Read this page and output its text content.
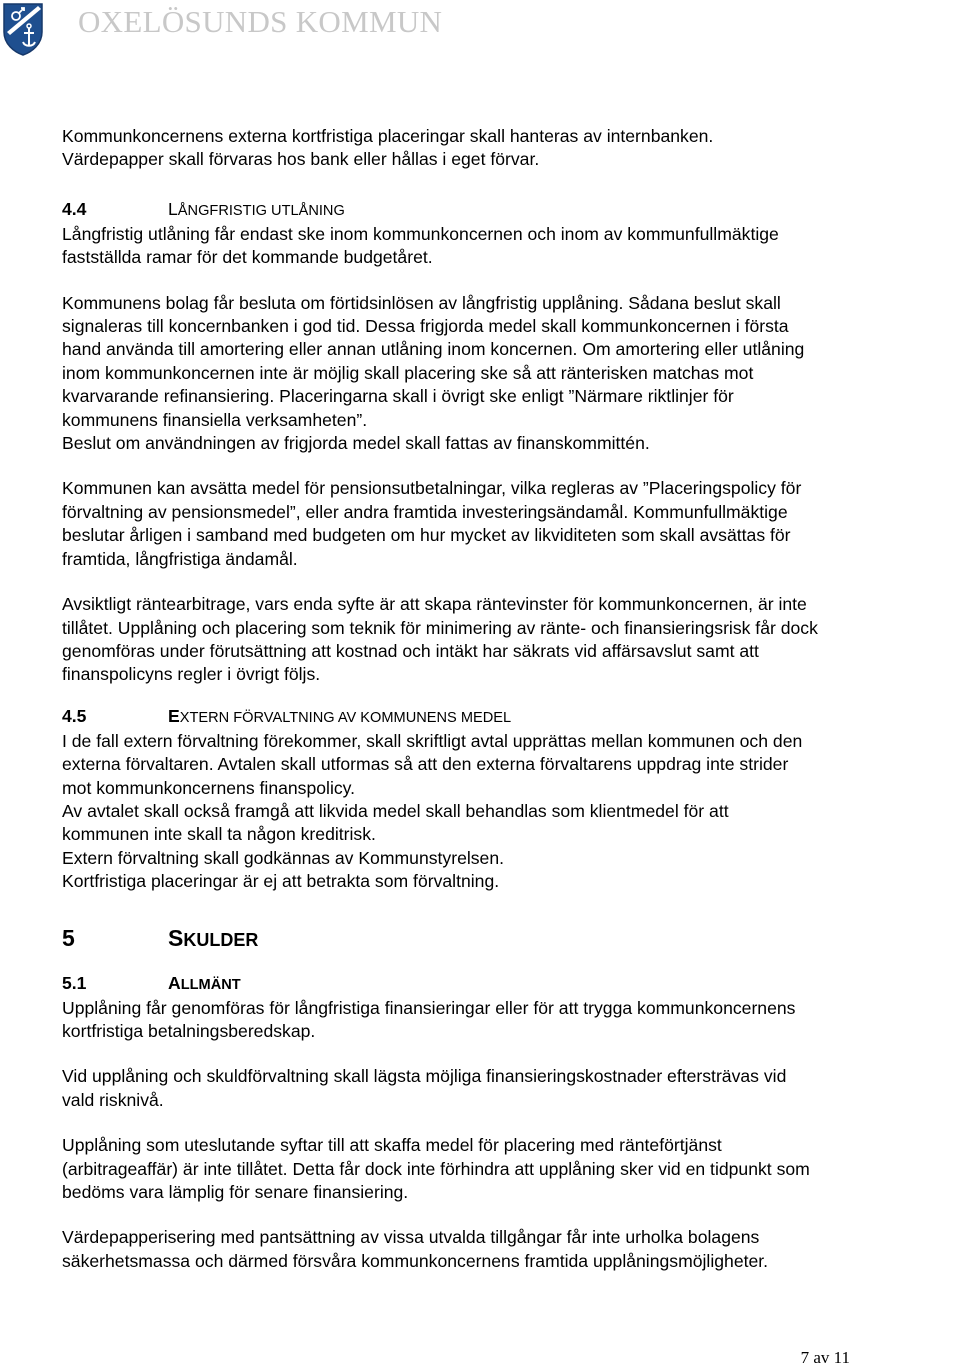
OXELÖSUNDS KOMMUN
Kommunkoncernens externa kortfristiga placeringar skall hanteras av internbanken.
Värdepapper skall förvaras hos bank eller hållas i eget förvar.
4.4	LÅNGFRISTIG UTLÅNING
Långfristig utlåning får endast ske inom kommunkoncernen och inom av kommunfullmäktige
fastställda ramar för det kommande budgetåret.
Kommunens bolag får besluta om förtidsinlösen av långfristig upplåning. Sådana beslut skall
signaleras till koncernbanken i god tid. Dessa frigjorda medel skall kommunkoncernen i första
hand använda till amortering eller annan utlåning inom koncernen. Om amortering eller utlåning
inom kommunkoncernen inte är möjlig skall placering ske så att ränterisken matchas mot
kvarvarande refinansiering. Placeringarna skall i övrigt ske enligt ”Närmare riktlinjer för
kommunens finansiella verksamheten”.
Beslut om användningen av frigjorda medel skall fattas av finanskommittén.
Kommunen kan avsätta medel för pensionsutbetalningar, vilka regleras av ”Placeringspolicy för
förvaltning av pensionsmedel”, eller andra framtida investeringsändamål. Kommunfullmäktige
beslutar årligen i samband med budgeten om hur mycket av likviditeten som skall avsättas för
framtida, långfristiga ändamål.
Avsiktligt räntearbitrage, vars enda syfte är att skapa räntevinster för kommunkoncernen, är inte
tillåtet. Upplåning och placering som teknik för minimering av ränte- och finansieringsrisk får dock
genomföras under förutsättning att kostnad och intäkt har säkrats vid affärsavslut samt att
finanspolicyns regler i övrigt följs.
4.5	EXTERN FÖRVALTNING AV KOMMUNENS MEDEL
I de fall extern förvaltning förekommer, skall skriftligt avtal upprättas mellan kommunen och den
externa förvaltaren. Avtalen skall utformas så att den externa förvaltarens uppdrag inte strider
mot kommunkoncernens finanspolicy.
Av avtalet skall också framgå att likvida medel skall behandlas som klientmedel för att
kommunen inte skall ta någon kreditrisk.
Extern förvaltning skall godkännas av Kommunstyrelsen.
Kortfristiga placeringar är ej att betrakta som förvaltning.
5	SKULDER
5.1	ALLMÄNT
Upplåning får genomföras för långfristiga finansieringar eller för att trygga kommunkoncernens
kortfristiga betalningsberedskap.
Vid upplåning och skuldförvaltning skall lägsta möjliga finansieringskostnader eftersträvas vid
vald risknivå.
Upplåning som uteslutande syftar till att skaffa medel för placering med ränteförtjänst
(arbitrageaffär) är inte tillåtet. Detta får dock inte förhindra att upplåning sker vid en tidpunkt som
bedöms vara lämplig för senare finansiering.
Värdepapperisering med pantsättning av vissa utvalda tillgångar får inte urholka bolagens
säkerhetsmassa och därmed försvåra kommunkoncernens framtida upplåningsmöjligheter.
7 av 11
